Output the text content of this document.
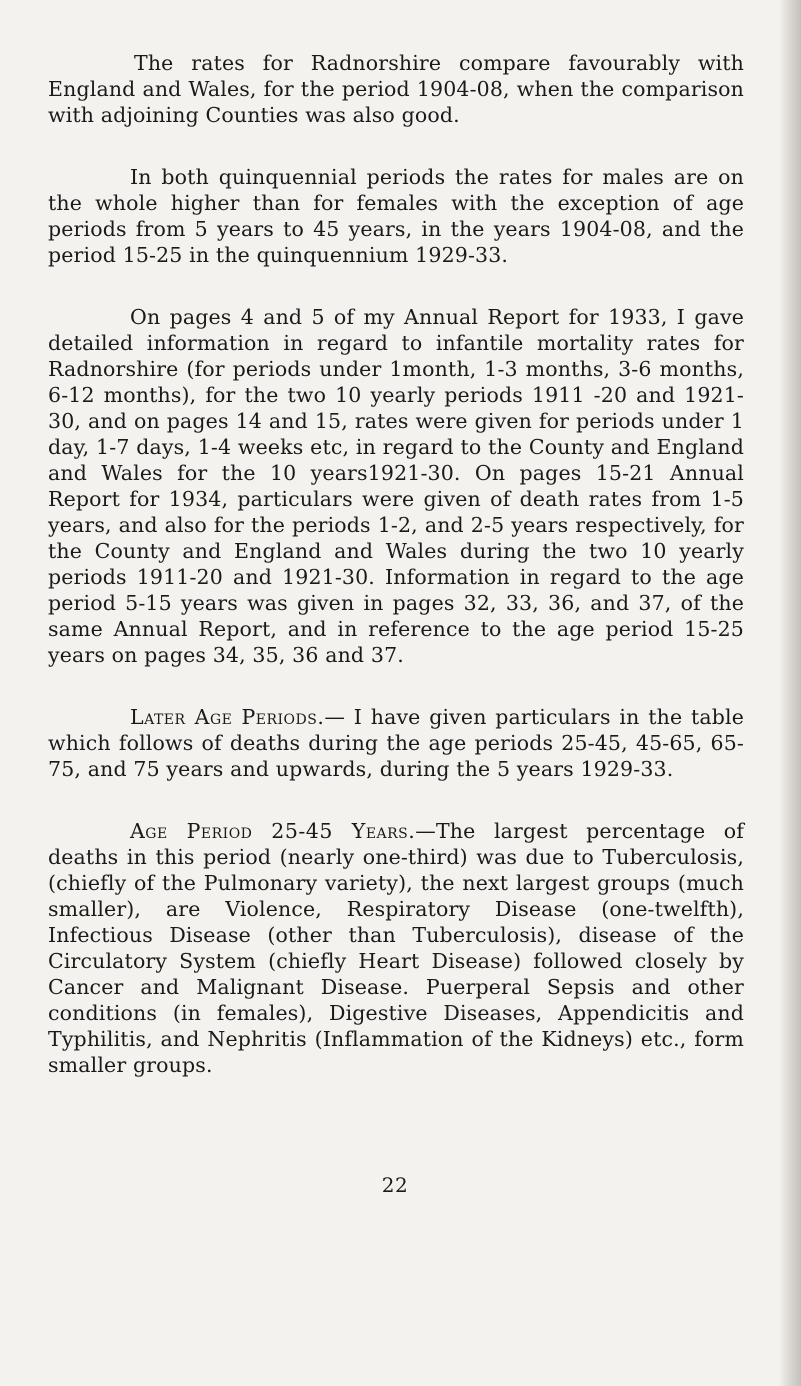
The rates for Radnorshire compare favourably with England and Wales, for the period 1904-08, when the comparison with adjoining Counties was also good.

In both quinquennial periods the rates for males are on the whole higher than for females with the exception of age periods from 5 years to 45 years, in the years 1904-08, and the period 15-25 in the quinquennium 1929-33.

On pages 4 and 5 of my Annual Report for 1933, I gave detailed information in regard to infantile mortality rates for Radnorshire (for periods under 1month, 1-3 months, 3-6 months, 6-12 months), for the two 10 yearly periods 1911 -20 and 1921-30, and on pages 14 and 15, rates were given for periods under 1 day, 1-7 days, 1-4 weeks etc, in regard to the County and England and Wales for the 10 years1921-30. On pages 15-21 Annual Report for 1934, particulars were given of death rates from 1-5 years, and also for the periods 1-2, and 2-5 years respectively, for the County and England and Wales during the two 10 yearly periods 1911-20 and 1921-30. Information in regard to the age period 5-15 years was given in pages 32, 33, 36, and 37, of the same Annual Report, and in reference to the age period 15-25 years on pages 34, 35, 36 and 37.

Later Age Periods.— I have given particulars in the table which follows of deaths during the age periods 25-45, 45-65, 65-75, and 75 years and upwards, during the 5 years 1929-33.

Age Period 25-45 Years.—The largest percentage of deaths in this period (nearly one-third) was due to Tuberculosis, (chiefly of the Pulmonary variety), the next largest groups (much smaller), are Violence, Respiratory Disease (one-twelfth), Infectious Disease (other than Tuberculosis), disease of the Circulatory System (chiefly Heart Disease) followed closely by Cancer and Malignant Disease. Puerperal Sepsis and other conditions (in females), Digestive Diseases, Appendicitis and Typhilitis, and Nephritis (Inflammation of the Kidneys) etc., form smaller groups.

22
